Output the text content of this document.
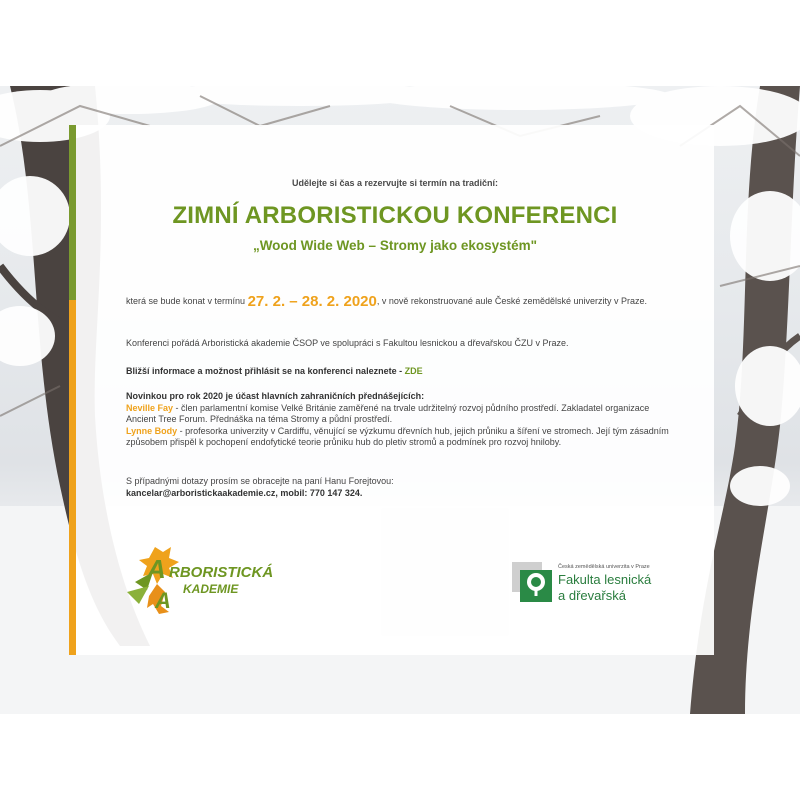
Udělejte si čas a rezervujte si termín na tradiční:
ZIMNÍ ARBORISTICKOU KONFERENCI
„Wood Wide Web – Stromy jako ekosystém"
která se bude konat v termínu 27. 2. – 28. 2. 2020, v nově rekonstruované aule České zemědělské univerzity v Praze.
Konferenci pořádá Arboristická akademie ČSOP ve spolupráci s Fakultou lesnickou a dřevařskou ČZU v Praze.
Bližší informace a možnost přihlásit se na konferenci naleznete - ZDE
Novinkou pro rok 2020 je účast hlavních zahraničních přednášejících:
Neville Fay - člen parlamentní komise Velké Británie zaměřené na trvale udržitelný rozvoj půdního prostředí. Zakladatel organizace Ancient Tree Forum. Přednáška na téma Stromy a půdní prostředí.
Lynne Body - profesorka univerzity v Cardiffu, věnující se výzkumu dřevních hub, jejich průniku a šíření ve stromech. Její tým zásadním způsobem přispěl k pochopení endofytické teorie průniku hub do pletiv stromů a podmínek pro rozvoj hniloby.
S případnými dotazy prosím se obracejte na paní Hanu Forejtovou:
kancelar@arboristickaakademie.cz, mobil: 770 147 324.
A
A
RBORISTICKÁ
KADEMIE
Česká zemědělská univerzita v Praze
Fakulta lesnická
a dřevařská
